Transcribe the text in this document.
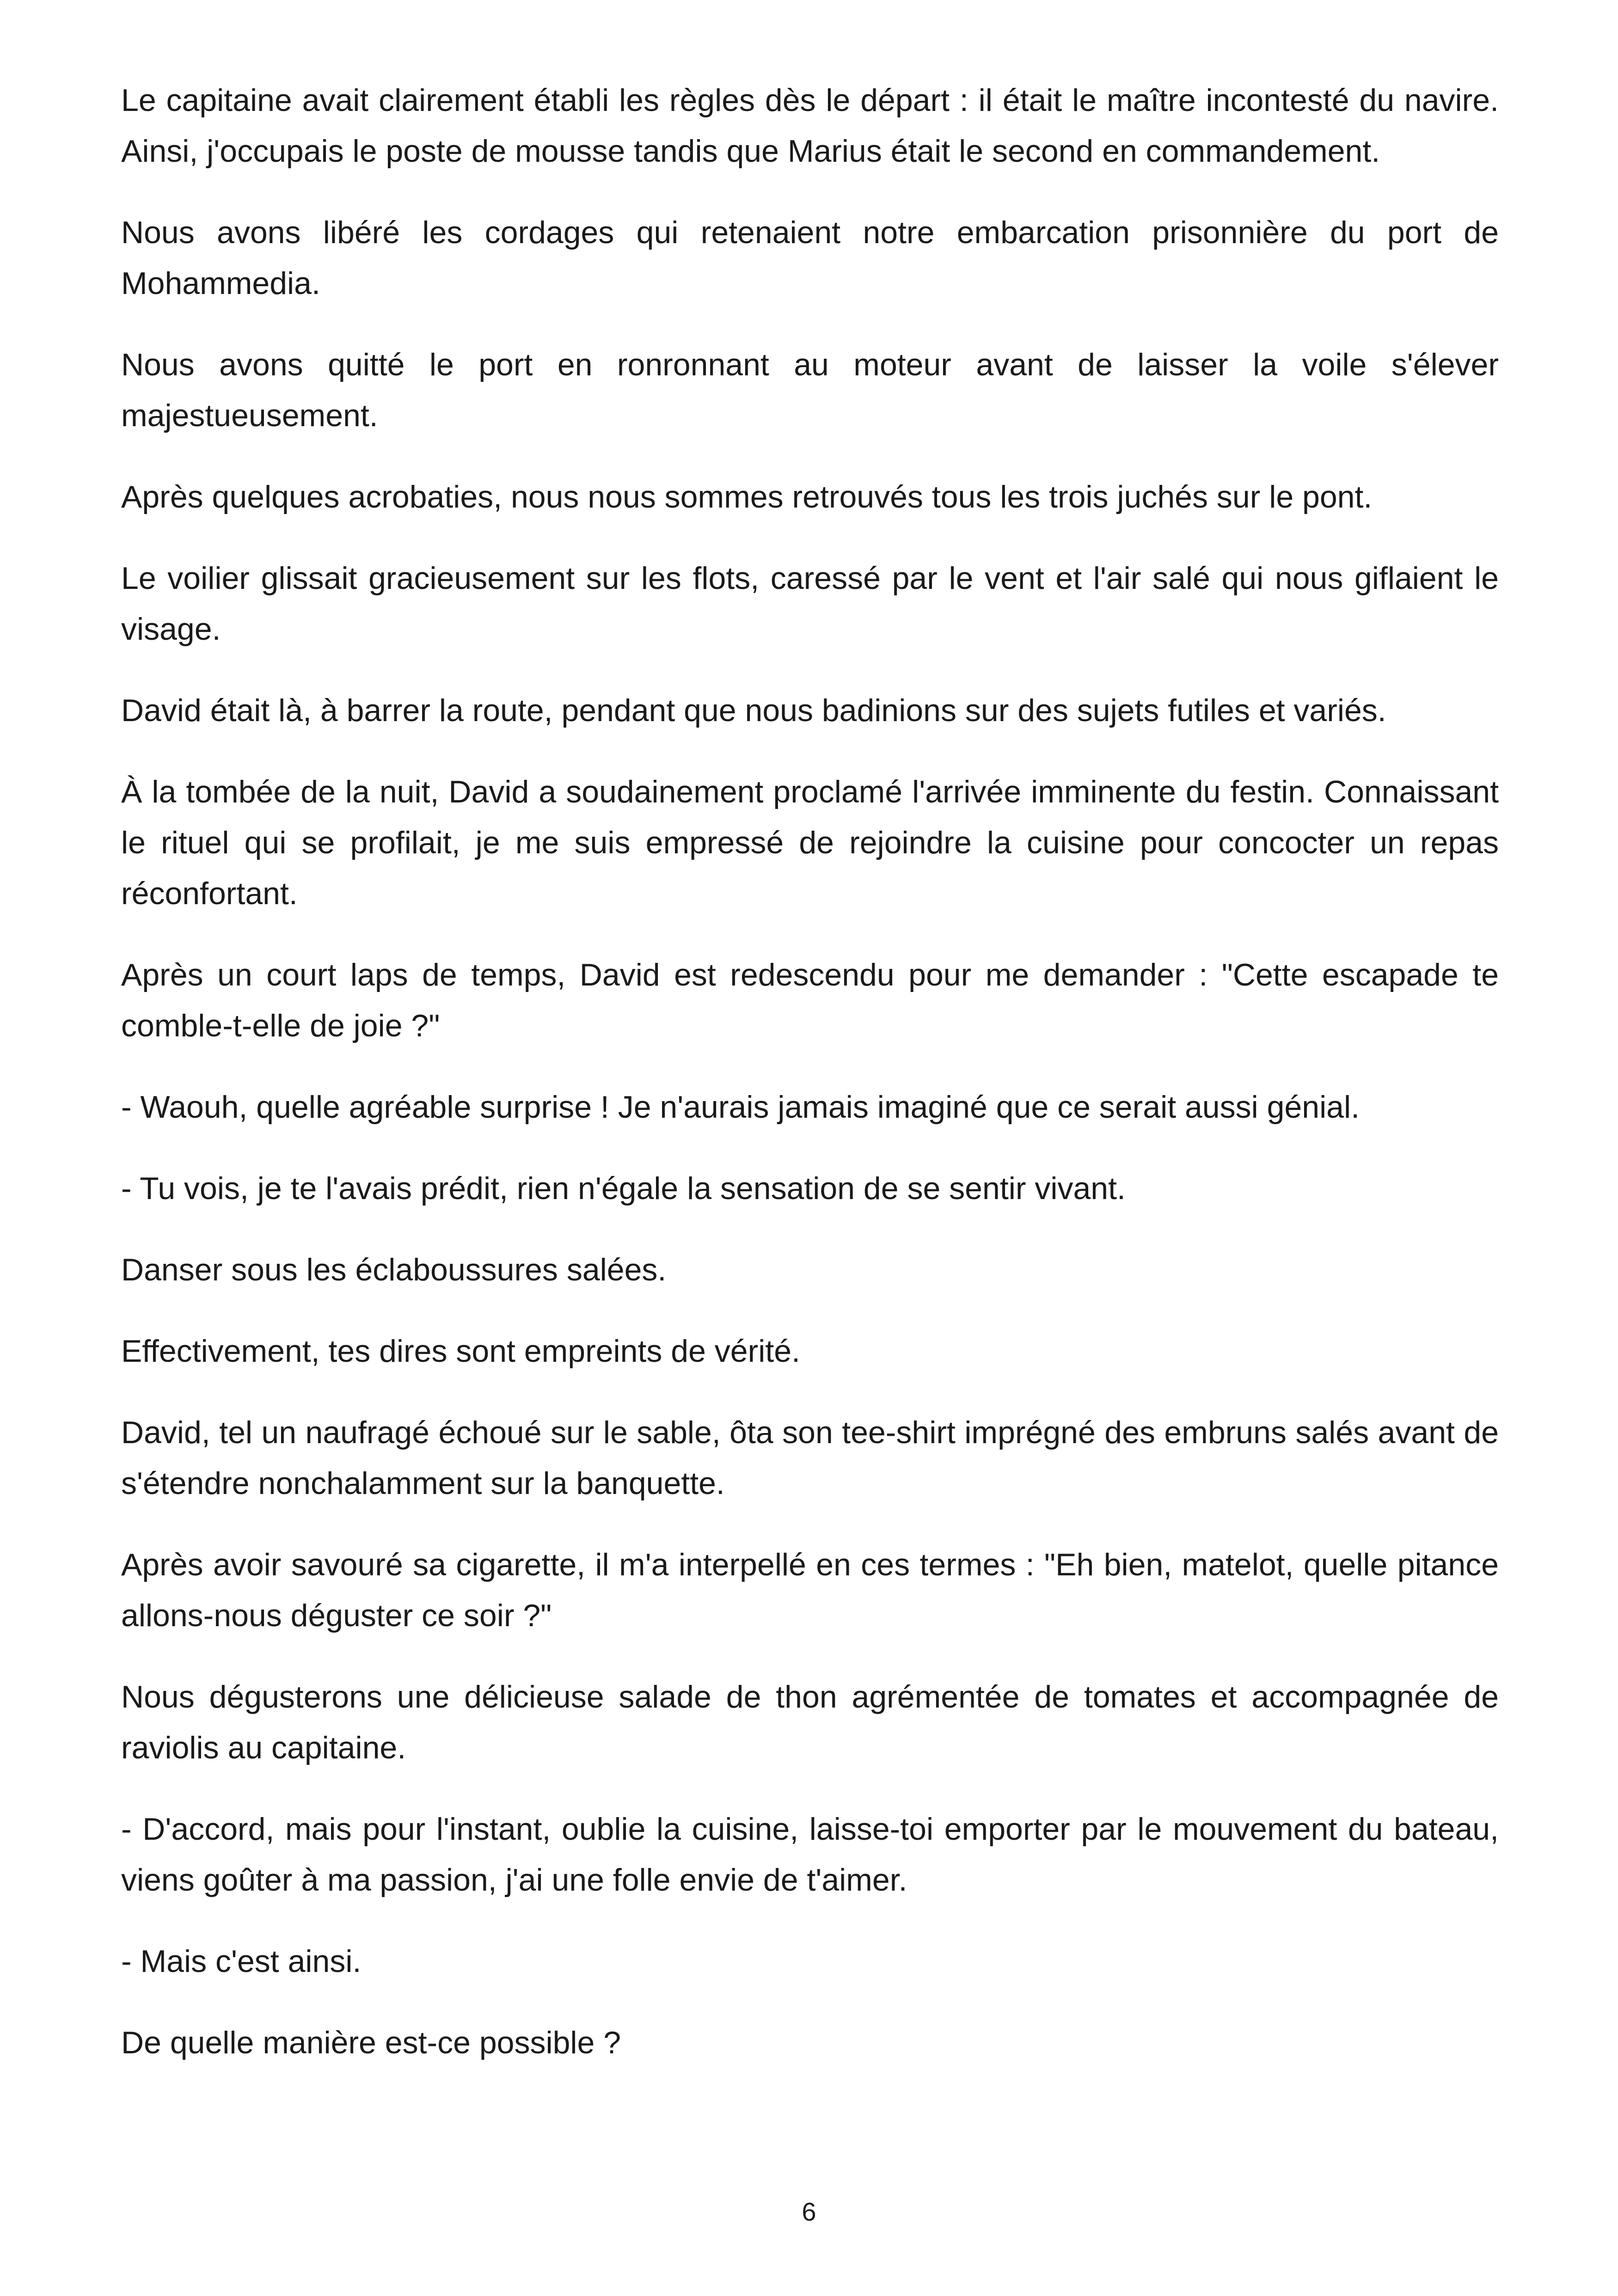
Le capitaine avait clairement établi les règles dès le départ : il était le maître incontesté du navire. Ainsi, j'occupais le poste de mousse tandis que Marius était le second en commandement.

Nous avons libéré les cordages qui retenaient notre embarcation prisonnière du port de Mohammedia.

Nous avons quitté le port en ronronnant au moteur avant de laisser la voile s'élever majestueusement.

Après quelques acrobaties, nous nous sommes retrouvés tous les trois juchés sur le pont.

Le voilier glissait gracieusement sur les flots, caressé par le vent et l'air salé qui nous giflaient le visage.

David était là, à barrer la route, pendant que nous badinions sur des sujets futiles et variés.

À la tombée de la nuit, David a soudainement proclamé l'arrivée imminente du festin. Connaissant le rituel qui se profilait, je me suis empressé de rejoindre la cuisine pour concocter un repas réconfortant.

Après un court laps de temps, David est redescendu pour me demander : "Cette escapade te comble-t-elle de joie ?"

- Waouh, quelle agréable surprise ! Je n'aurais jamais imaginé que ce serait aussi génial.

- Tu vois, je te l'avais prédit, rien n'égale la sensation de se sentir vivant.

Danser sous les éclaboussures salées.

Effectivement, tes dires sont empreints de vérité.

David, tel un naufragé échoué sur le sable, ôta son tee-shirt imprégné des embruns salés avant de s'étendre nonchalamment sur la banquette.

Après avoir savouré sa cigarette, il m'a interpellé en ces termes : "Eh bien, matelot, quelle pitance allons-nous déguster ce soir ?"

Nous dégusterons une délicieuse salade de thon agrémentée de tomates et accompagnée de raviolis au capitaine.

- D'accord, mais pour l'instant, oublie la cuisine, laisse-toi emporter par le mouvement du bateau, viens goûter à ma passion, j'ai une folle envie de t'aimer.

- Mais c'est ainsi.

De quelle manière est-ce possible ?

6
